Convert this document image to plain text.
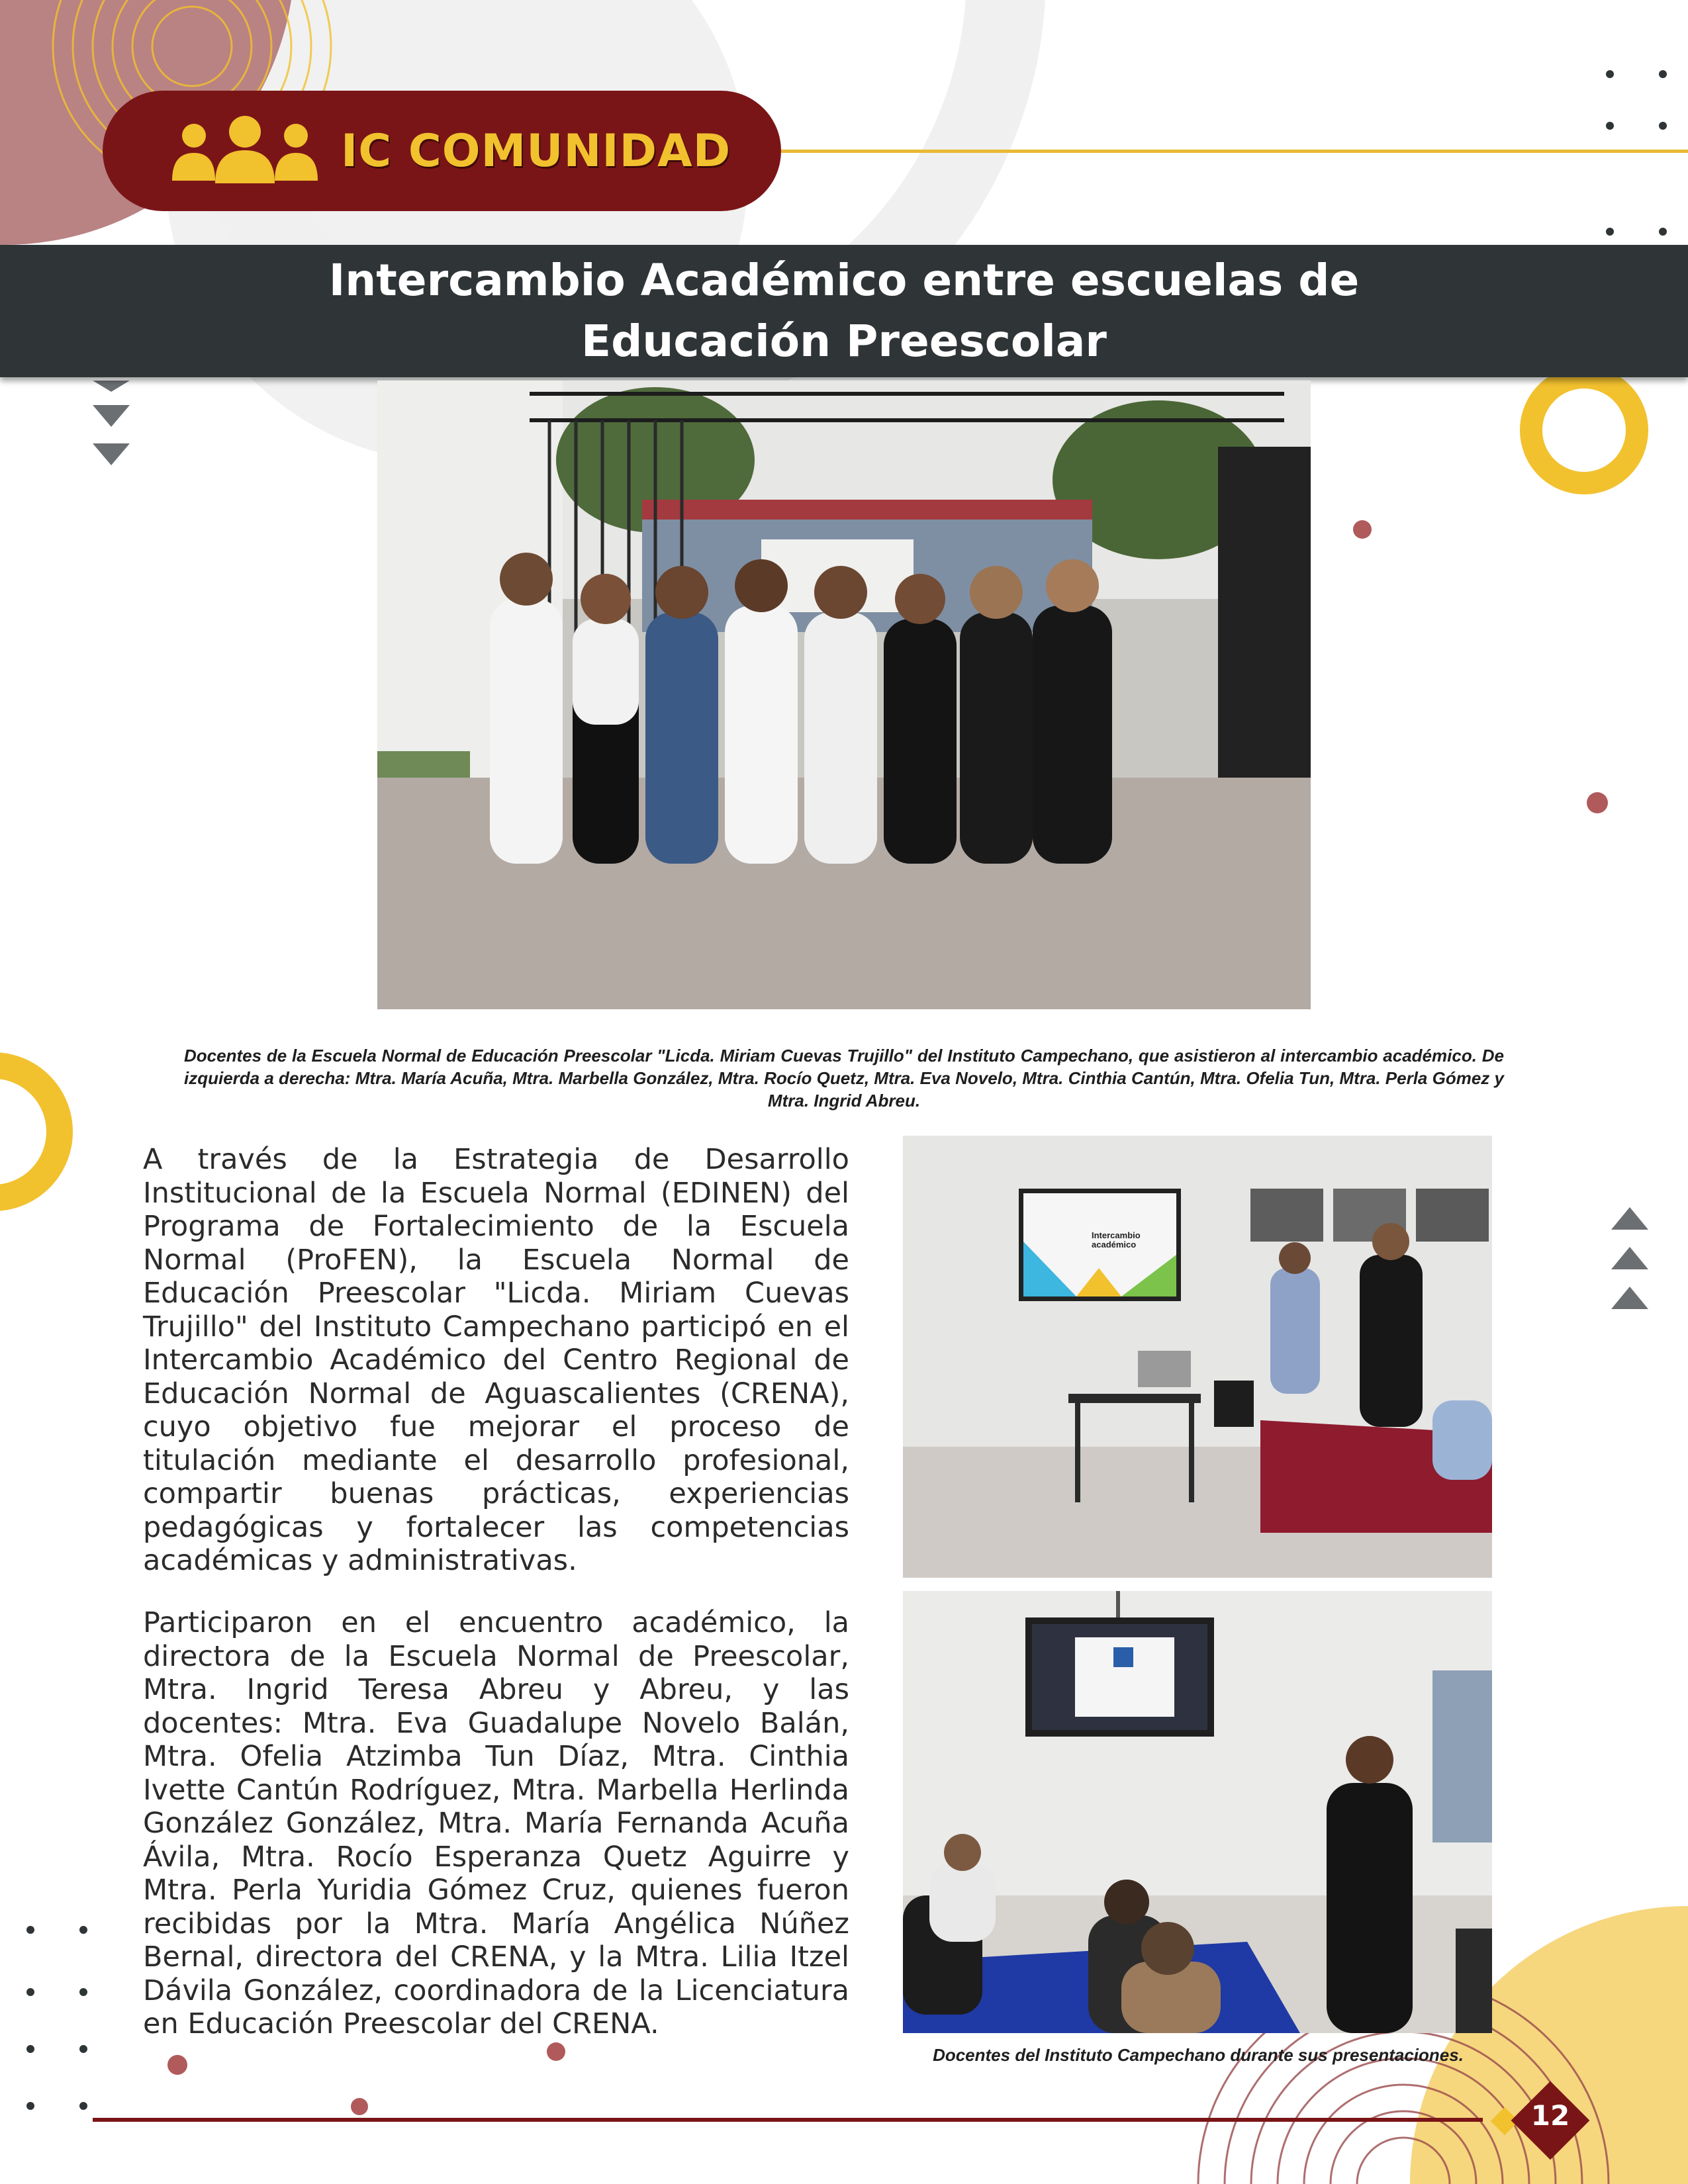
IC COMUNIDAD
Intercambio Académico entre escuelas de Educación Preescolar

Docentes de la Escuela Normal de Educación Preescolar "Licda. Miriam Cuevas Trujillo" del Instituto Campechano, que asistieron al intercambio académico. De izquierda a derecha: Mtra. María Acuña, Mtra. Marbella González, Mtra. Rocío Quetz, Mtra. Eva Novelo, Mtra. Cinthia Cantún, Mtra. Ofelia Tun, Mtra. Perla Gómez y Mtra. Ingrid Abreu.

A través de la Estrategia de Desarrollo Institucional de la Escuela Normal (EDINEN) del Programa de Fortalecimiento de la Escuela Normal (ProFEN), la Escuela Normal de Educación Preescolar "Licda. Miriam Cuevas Trujillo" del Instituto Campechano participó en el Intercambio Académico del Centro Regional de Educación Normal de Aguascalientes (CRENA), cuyo objetivo fue mejorar el proceso de titulación mediante el desarrollo profesional, compartir buenas prácticas, experiencias pedagógicas y fortalecer las competencias académicas y administrativas.

Participaron en el encuentro académico, la directora de la Escuela Normal de Preescolar, Mtra. Ingrid Teresa Abreu y Abreu, y las docentes: Mtra. Eva Guadalupe Novelo Balán, Mtra. Ofelia Atzimba Tun Díaz, Mtra. Cinthia Ivette Cantún Rodríguez, Mtra. Marbella Herlinda González González, Mtra. María Fernanda Acuña Ávila, Mtra. Rocío Esperanza Quetz Aguirre y Mtra. Perla Yuridia Gómez Cruz, quienes fueron recibidas por la Mtra. María Angélica Núñez Bernal, directora del CRENA, y la Mtra. Lilia Itzel Dávila González, coordinadora de la Licenciatura en Educación Preescolar del CRENA.

Intercambio académico

Docentes del Instituto Campechano durante sus presentaciones.

12
